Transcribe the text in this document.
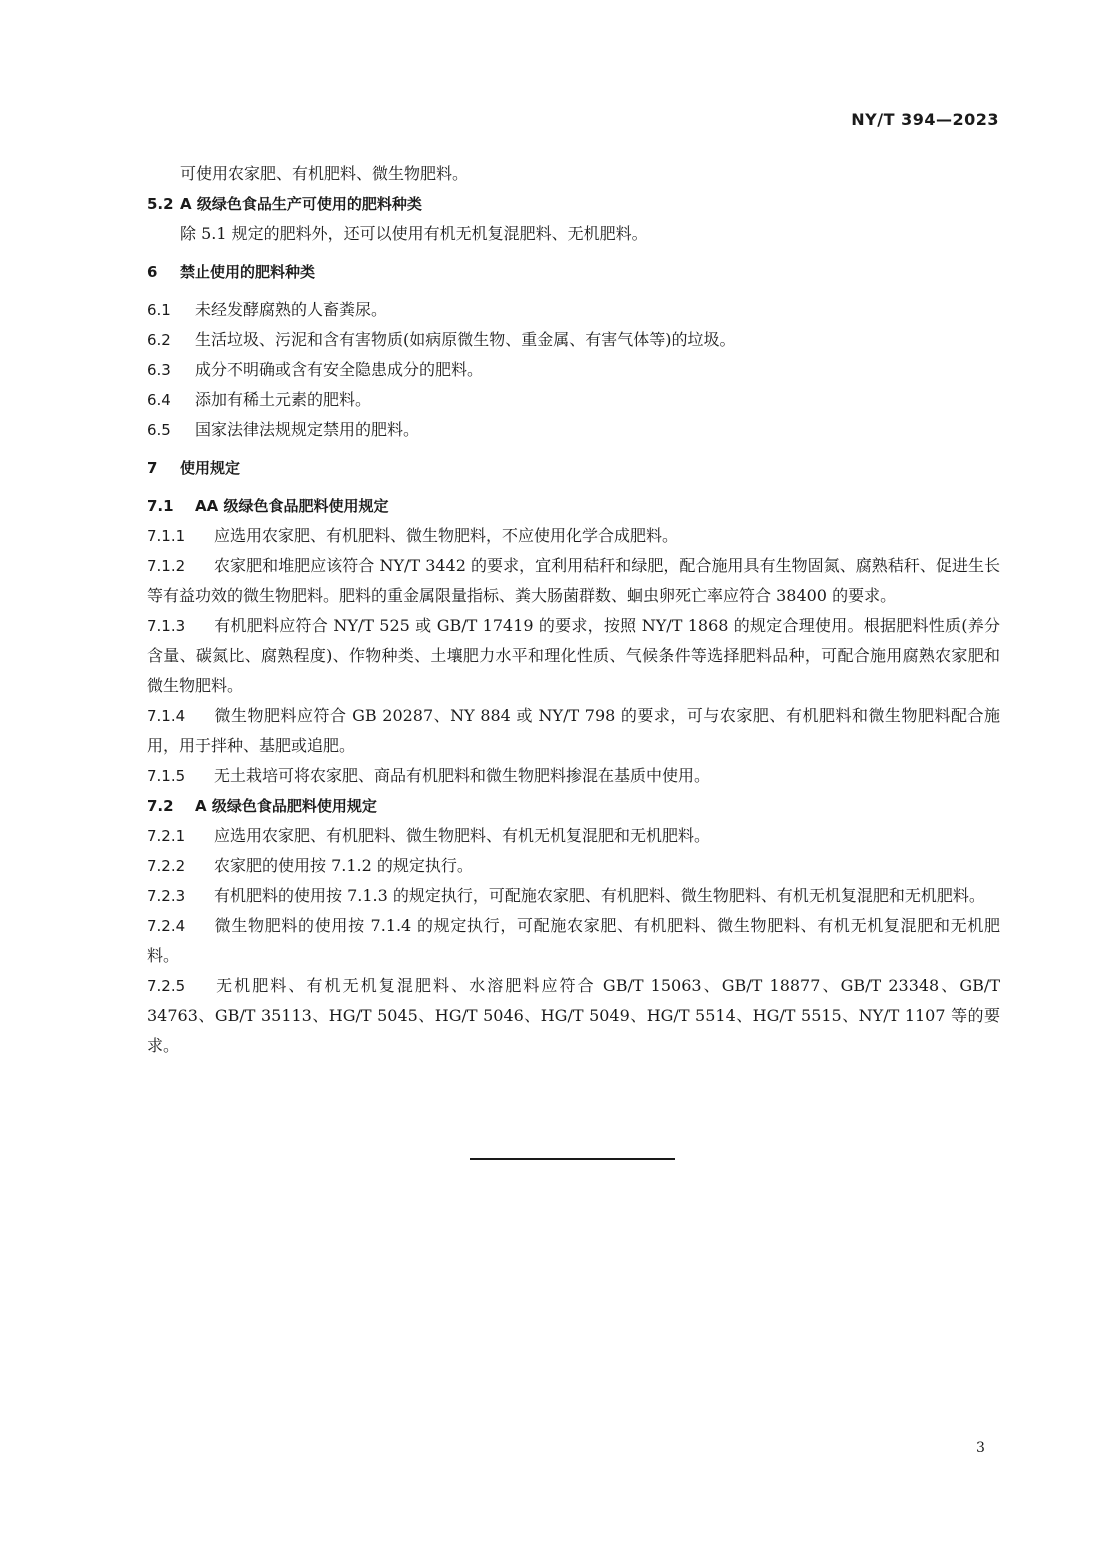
NY/T 394—2023
可使用农家肥、有机肥料、微生物肥料。
5.2 A 级绿色食品生产可使用的肥料种类
除 5.1 规定的肥料外，还可以使用有机无机复混肥料、无机肥料。
6 禁止使用的肥料种类
6.1 未经发酵腐熟的人畜粪尿。
6.2 生活垃圾、污泥和含有害物质(如病原微生物、重金属、有害气体等)的垃圾。
6.3 成分不明确或含有安全隐患成分的肥料。
6.4 添加有稀土元素的肥料。
6.5 国家法律法规规定禁用的肥料。
7 使用规定
7.1 AA 级绿色食品肥料使用规定
7.1.1 应选用农家肥、有机肥料、微生物肥料，不应使用化学合成肥料。
7.1.2 农家肥和堆肥应该符合 NY/T 3442 的要求，宜利用秸秆和绿肥，配合施用具有生物固氮、腐熟秸秆、促进生长等有益功效的微生物肥料。肥料的重金属限量指标、粪大肠菌群数、蛔虫卵死亡率应符合 38400 的要求。
7.1.3 有机肥料应符合 NY/T 525 或 GB/T 17419 的要求，按照 NY/T 1868 的规定合理使用。根据肥料性质(养分含量、碳氮比、腐熟程度)、作物种类、土壤肥力水平和理化性质、气候条件等选择肥料品种，可配合施用腐熟农家肥和微生物肥料。
7.1.4 微生物肥料应符合 GB 20287、NY 884 或 NY/T 798 的要求，可与农家肥、有机肥料和微生物肥料配合施用，用于拌种、基肥或追肥。
7.1.5 无土栽培可将农家肥、商品有机肥料和微生物肥料掺混在基质中使用。
7.2 A 级绿色食品肥料使用规定
7.2.1 应选用农家肥、有机肥料、微生物肥料、有机无机复混肥和无机肥料。
7.2.2 农家肥的使用按 7.1.2 的规定执行。
7.2.3 有机肥料的使用按 7.1.3 的规定执行，可配施农家肥、有机肥料、微生物肥料、有机无机复混肥和无机肥料。
7.2.4 微生物肥料的使用按 7.1.4 的规定执行，可配施农家肥、有机肥料、微生物肥料、有机无机复混肥和无机肥料。
7.2.5 无机肥料、有机无机复混肥料、水溶肥料应符合 GB/T 15063、GB/T 18877、GB/T 23348、GB/T 34763、GB/T 35113、HG/T 5045、HG/T 5046、HG/T 5049、HG/T 5514、HG/T 5515、NY/T 1107 等的要求。
3
